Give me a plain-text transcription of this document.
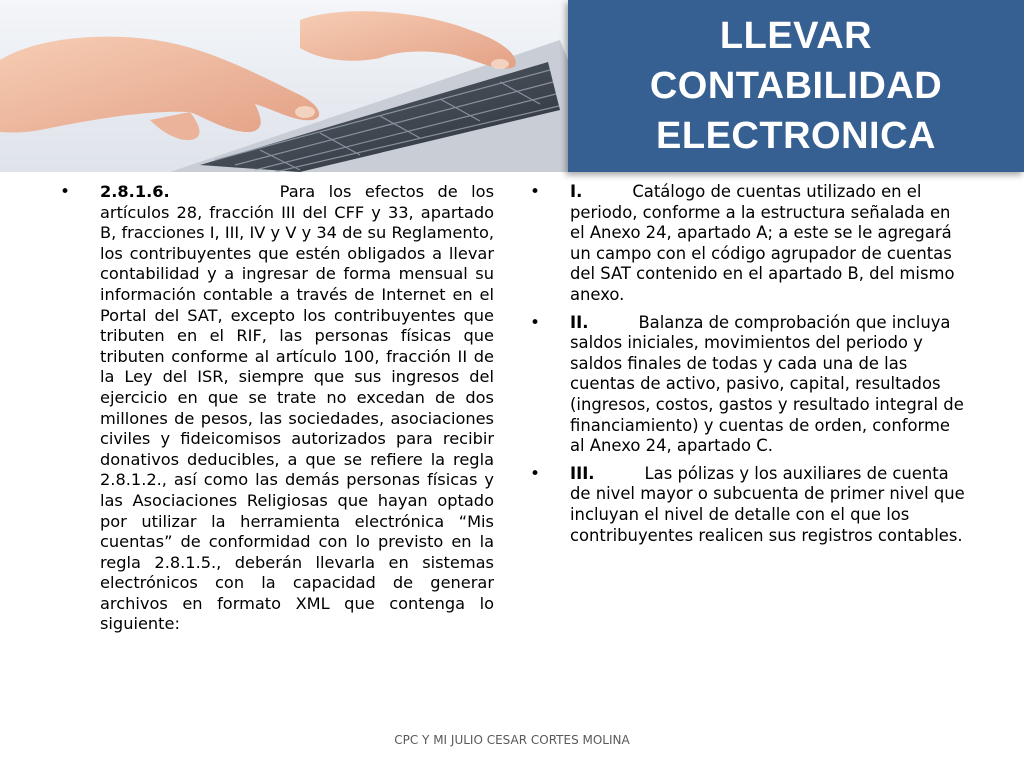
LLEVAR
CONTABILIDAD
ELECTRONICA
• 2.8.1.6.	Para los efectos de los artículos 28, fracción III del CFF y 33, apartado B, fracciones I, III, IV y V y 34 de su Reglamento, los contribuyentes que estén obligados a llevar contabilidad y a ingresar de forma mensual su información contable a través de Internet en el Portal del SAT, excepto los contribuyentes que tributen en el RIF, las personas físicas que tributen conforme al artículo 100, fracción II de la Ley del ISR, siempre que sus ingresos del ejercicio en que se trate no excedan de dos millones de pesos, las sociedades, asociaciones civiles y fideicomisos autorizados para recibir donativos deducibles, a que se refiere la regla 2.8.1.2., así como las demás personas físicas y las Asociaciones Religiosas que hayan optado por utilizar la herramienta electrónica “Mis cuentas” de conformidad con lo previsto en la regla 2.8.1.5., deberán llevarla en sistemas electrónicos con la capacidad de generar archivos en formato XML que contenga lo siguiente:
• I.	Catálogo de cuentas utilizado en el periodo, conforme a la estructura señalada en el Anexo 24, apartado A; a este se le agregará un campo con el código agrupador de cuentas del SAT contenido en el apartado B, del mismo anexo.
• II.	Balanza de comprobación que incluya saldos iniciales, movimientos del periodo y saldos finales de todas y cada una de las cuentas de activo, pasivo, capital, resultados (ingresos, costos, gastos y resultado integral de financiamiento) y cuentas de orden, conforme al Anexo 24, apartado C.
• III.	Las pólizas y los auxiliares de cuenta de nivel mayor o subcuenta de primer nivel que incluyan el nivel de detalle con el que los contribuyentes realicen sus registros contables.
CPC Y MI JULIO CESAR CORTES MOLINA
